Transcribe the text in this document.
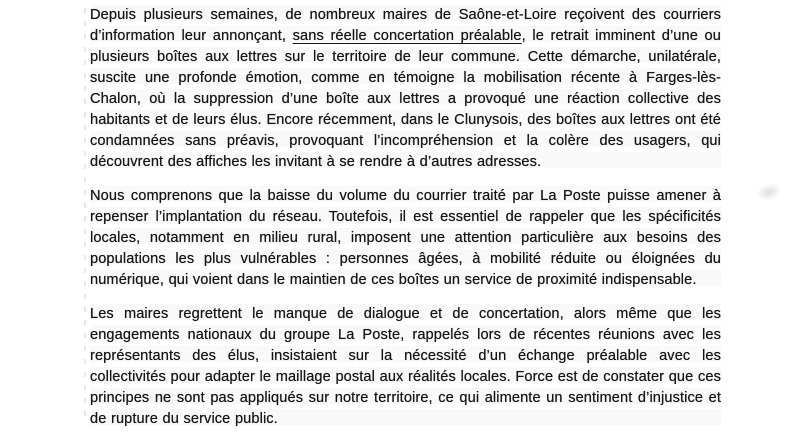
Depuis plusieurs semaines, de nombreux maires de Saône-et-Loire reçoivent des courriers d’information leur annonçant, sans réelle concertation préalable, le retrait imminent d’une ou plusieurs boîtes aux lettres sur le territoire de leur commune. Cette démarche, unilatérale, suscite une profonde émotion, comme en témoigne la mobilisation récente à Farges-lès-Chalon, où la suppression d’une boîte aux lettres a provoqué une réaction collective des habitants et de leurs élus. Encore récemment, dans le Clunysois, des boîtes aux lettres ont été condamnées sans préavis, provoquant l’incompréhension et la colère des usagers, qui découvrent des affiches les invitant à se rendre à d’autres adresses.

Nous comprenons que la baisse du volume du courrier traité par La Poste puisse amener à repenser l’implantation du réseau. Toutefois, il est essentiel de rappeler que les spécificités locales, notamment en milieu rural, imposent une attention particulière aux besoins des populations les plus vulnérables : personnes âgées, à mobilité réduite ou éloignées du numérique, qui voient dans le maintien de ces boîtes un service de proximité indispensable.

Les maires regrettent le manque de dialogue et de concertation, alors même que les engagements nationaux du groupe La Poste, rappelés lors de récentes réunions avec les représentants des élus, insistaient sur la nécessité d’un échange préalable avec les collectivités pour adapter le maillage postal aux réalités locales. Force est de constater que ces principes ne sont pas appliqués sur notre territoire, ce qui alimente un sentiment d’injustice et de rupture du service public.
